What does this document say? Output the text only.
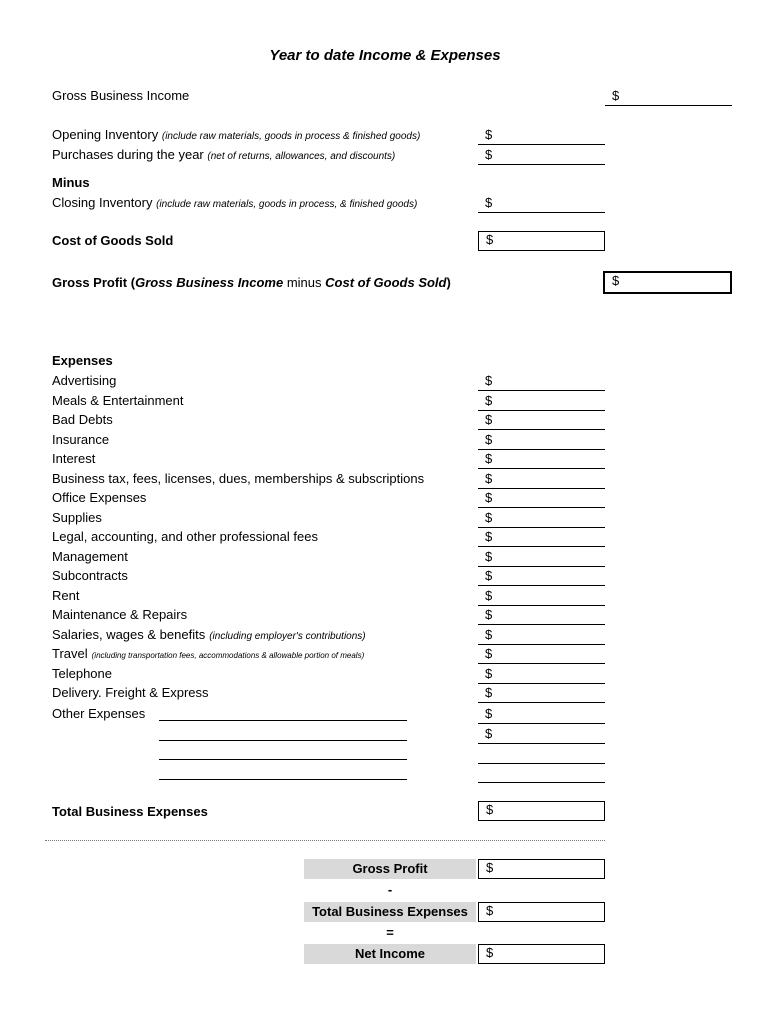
Year to date Income & Expenses
Gross Business Income	$
Opening Inventory (include raw materials, goods in process & finished goods)	$
Purchases during the year (net of returns, allowances, and discounts)	$
Minus
Closing Inventory (include raw materials, goods in process, & finished goods)	$
Cost of Goods Sold	$
Gross Profit (Gross Business Income minus Cost of Goods Sold)	$
Expenses
Advertising	$
Meals & Entertainment	$
Bad Debts	$
Insurance	$
Interest	$
Business tax, fees, licenses, dues, memberships & subscriptions	$
Office Expenses	$
Supplies	$
Legal, accounting, and other professional fees	$
Management	$
Subcontracts	$
Rent	$
Maintenance & Repairs	$
Salaries, wages & benefits (including employer's contributions)	$
Travel (including transportation fees, accommodations & allowable portion of meals)	$
Telephone	$
Delivery. Freight & Express	$
Other Expenses	$
$
Total Business Expenses	$
Gross Profit	$
-
Total Business Expenses	$
=
Net Income	$
